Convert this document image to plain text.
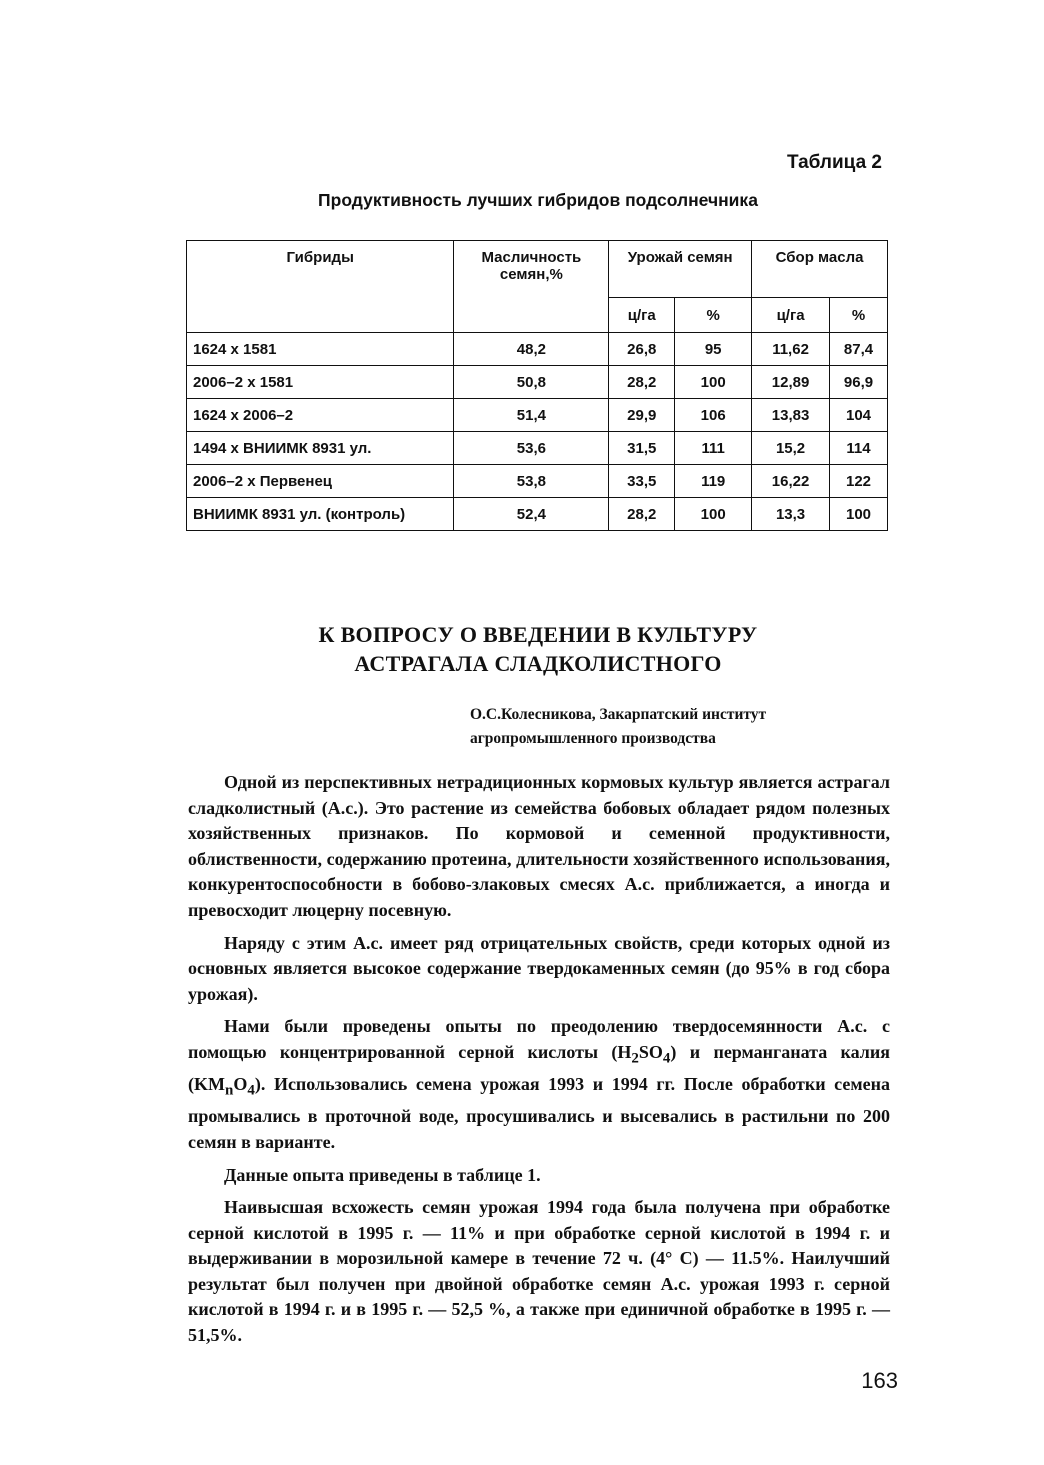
Таблица 2
Продуктивность лучших гибридов подсолнечника
Гибриды	Масличность семян,%	Урожай семян		Сбор масла	
		ц/га	%	ц/га	%
1624 х 1581	48,2	26,8	95	11,62	87,4
2006–2 х 1581	50,8	28,2	100	12,89	96,9
1624 х 2006–2	51,4	29,9	106	13,83	104
1494 х ВНИИМК 8931 ул.	53,6	31,5	111	15,2	114
2006–2 х Первенец	53,8	33,5	119	16,22	122
ВНИИМК 8931 ул. (контроль)	52,4	28,2	100	13,3	100
К ВОПРОСУ О ВВЕДЕНИИ В КУЛЬТУРУ
АСТРАГАЛА СЛАДКОЛИСТНОГО
О.С.Колесникова, Закарпатский институт
агропромышленного производства

Одной из перспективных нетрадиционных кормовых культур является астрагал сладколистный (А.с.). Это растение из семейства бобовых обладает рядом полезных хозяйственных признаков. По кормовой и семенной продуктивности, облиственности, содержанию протеина, длительности хозяйственного использования, конкурентоспособности в бобово-злаковых смесях А.с. приближается, а иногда и превосходит люцерну посевную.

Наряду с этим А.с. имеет ряд отрицательных свойств, среди которых одной из основных является высокое содержание твердокаменных семян (до 95% в год сбора урожая).

Нами были проведены опыты по преодолению твердосемянности А.с. с помощью концентрированной серной кислоты $(H_2SO_4)$ и перманганата калия $(KM_nO_4)$. Использовались семена урожая 1993 и 1994 гг. После обработки семена промывались в проточной воде, просушивались и высевались в растильни по 200 семян в варианте.

Данные опыта приведены в таблице 1.

Наивысшая всхожесть семян урожая 1994 года была получена при обработке серной кислотой в 1995 г. — 11% и при обработке серной кислотой в 1994 г. и выдерживании в морозильной камере в течение 72 ч. (4° С) — 11.5%. Наилучший результат был получен при двойной обработке семян А.с. урожая 1993 г. серной кислотой в 1994 г. и в 1995 г. — 52,5 %, а также при единичной обработке в 1995 г. — 51,5%.

163
